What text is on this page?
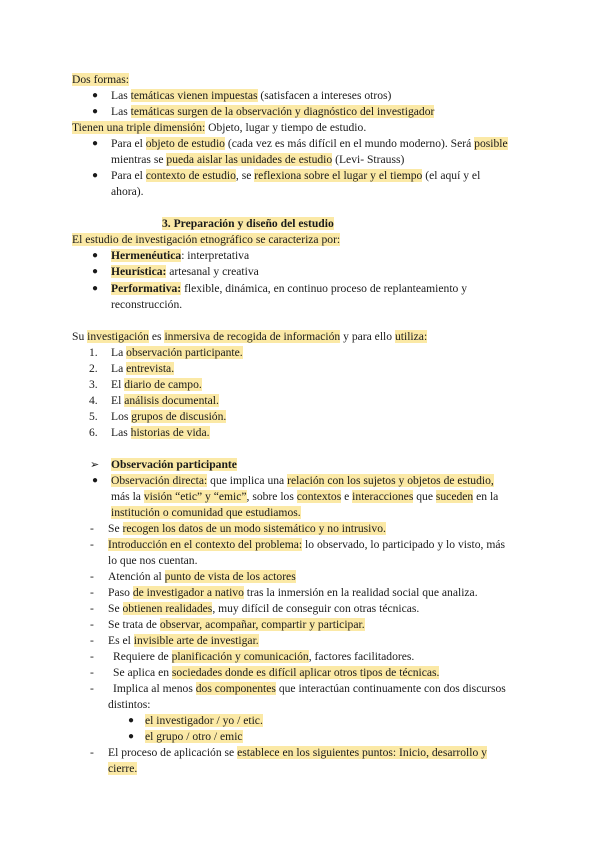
Dos formas:
● Las temáticas vienen impuestas (satisfacen a intereses otros)
● Las temáticas surgen de la observación y diagnóstico del investigador
Tienen una triple dimensión: Objeto, lugar y tiempo de estudio.
● Para el objeto de estudio (cada vez es más difícil en el mundo moderno). Será posible
mientras se pueda aislar las unidades de estudio (Levi- Strauss)
● Para el contexto de estudio, se reflexiona sobre el lugar y el tiempo (el aquí y el
ahora).
3. Preparación y diseño del estudio
El estudio de investigación etnográfico se caracteriza por:
● Hermenéutica: interpretativa
● Heurística: artesanal y creativa
● Performativa: flexible, dinámica, en continuo proceso de replanteamiento y
reconstrucción.
Su investigación es inmersiva de recogida de información y para ello utiliza:
1. La observación participante.
2. La entrevista.
3. El diario de campo.
4. El análisis documental.
5. Los grupos de discusión.
6. Las historias de vida.
➢ Observación participante
● Observación directa: que implica una relación con los sujetos y objetos de estudio,
más la visión “etic” y “emic”, sobre los contextos e interacciones que suceden en la
institución o comunidad que estudiamos.
- Se recogen los datos de un modo sistemático y no intrusivo.
- Introducción en el contexto del problema: lo observado, lo participado y lo visto, más
lo que nos cuentan.
- Atención al punto de vista de los actores
- Paso de investigador a nativo tras la inmersión en la realidad social que analiza.
- Se obtienen realidades, muy difícil de conseguir con otras técnicas.
- Se trata de observar, acompañar, compartir y participar.
- Es el invisible arte de investigar.
- Requiere de planificación y comunicación, factores facilitadores.
- Se aplica en sociedades donde es difícil aplicar otros tipos de técnicas.
- Implica al menos dos componentes que interactúan continuamente con dos discursos
distintos:
● el investigador / yo / etic.
● el grupo / otro / emic
- El proceso de aplicación se establece en los siguientes puntos: Inicio, desarrollo y
cierre.
